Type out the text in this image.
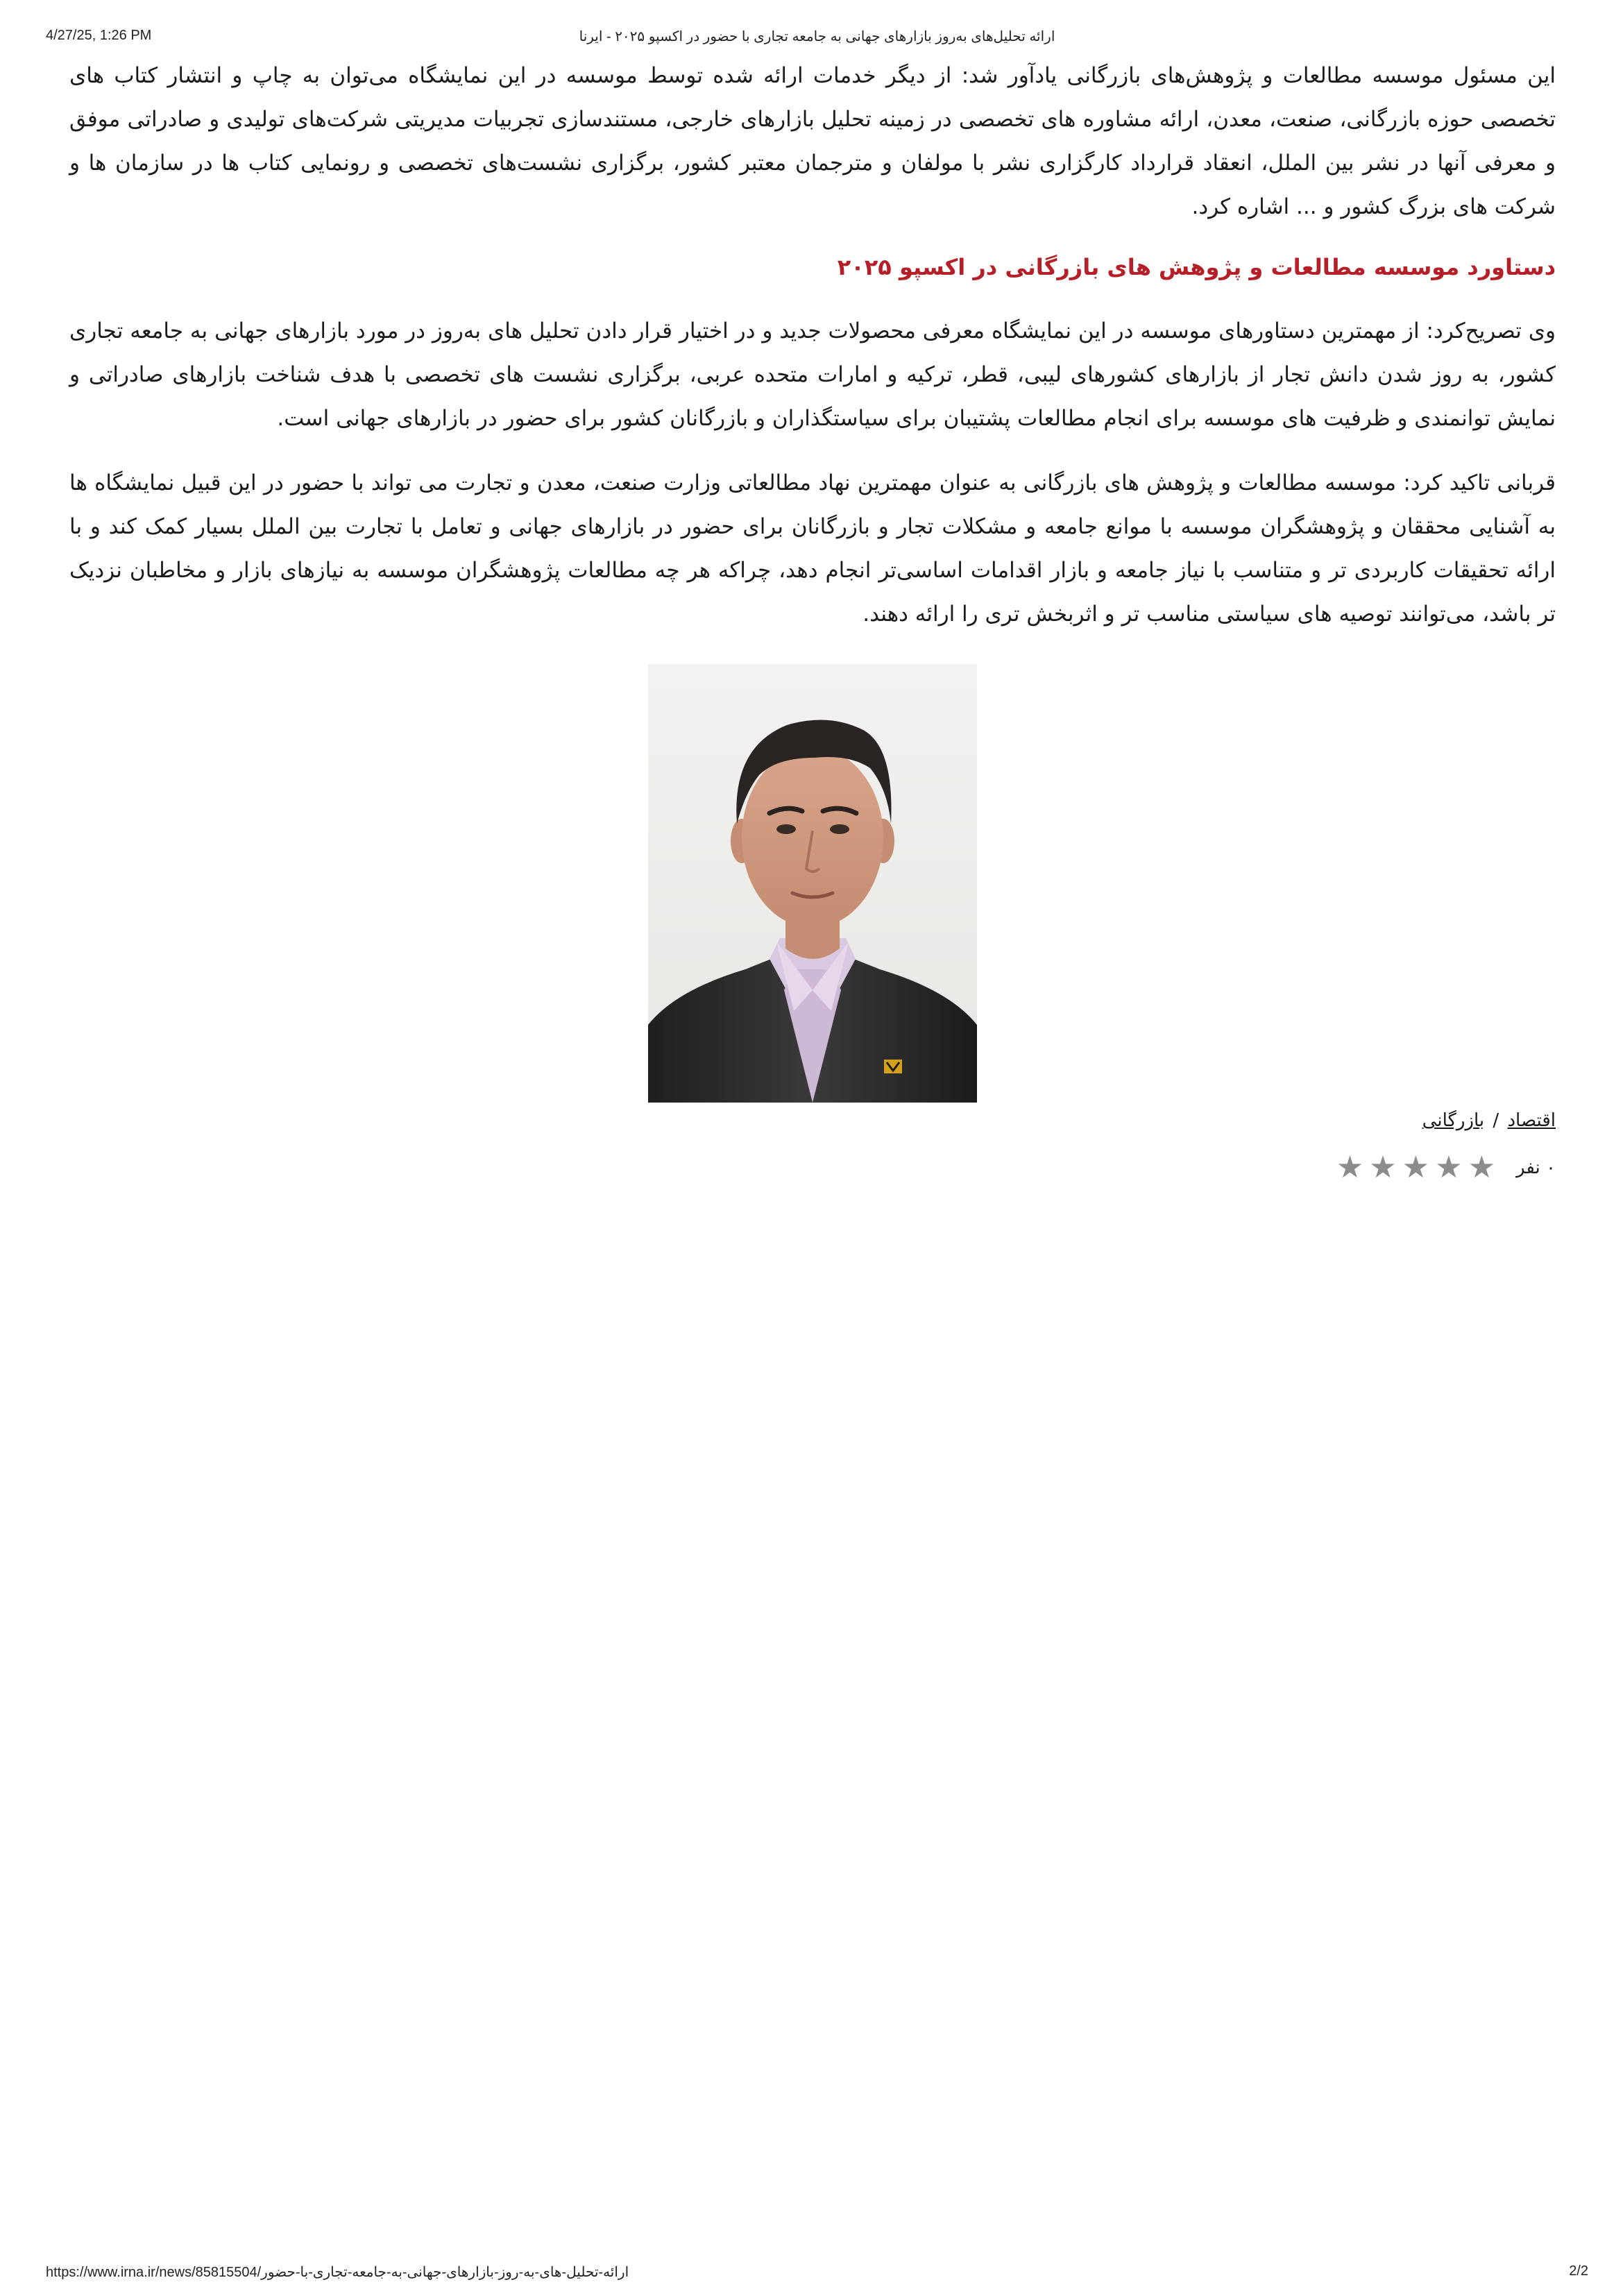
4/27/25, 1:26 PM	ارائه تحلیل‌های به‌روز بازارهای جهانی به جامعه تجاری با حضور در اکسپو ۲۰۲۵ - ایرنا

این مسئول موسسه مطالعات و پژوهش‌های بازرگانی یادآور شد: از دیگر خدمات ارائه شده توسط موسسه در این نمایشگاه می‌توان به چاپ و انتشار کتاب های تخصصی حوزه بازرگانی، صنعت، معدن، ارائه مشاوره های تخصصی در زمینه تحلیل بازارهای خارجی، مستندسازی تجربیات مدیریتی شرکت‌های تولیدی و صادراتی موفق و معرفی آنها در نشر بین الملل، انعقاد قرارداد کارگزاری نشر با مولفان و مترجمان معتبر کشور، برگزاری نشست‌های تخصصی و رونمایی کتاب ها در سازمان ها و شرکت های بزرگ کشور و ... اشاره کرد.

دستاورد موسسه مطالعات و پژوهش های بازرگانی در اکسپو ۲۰۲۵

وی تصریح‌کرد: از مهمترین دستاورهای موسسه در این نمایشگاه معرفی محصولات جدید و در اختیار قرار دادن تحلیل های به‌روز در مورد بازارهای جهانی به جامعه تجاری کشور، به روز شدن دانش تجار از بازارهای کشورهای لیبی، قطر، ترکیه و امارات متحده عربی، برگزاری نشست های تخصصی با هدف شناخت بازارهای صادراتی و نمایش توانمندی و ظرفیت های موسسه برای انجام مطالعات پشتیبان برای سیاستگذاران و بازرگانان کشور برای حضور در بازارهای جهانی است.

قربانی تاکید کرد: موسسه مطالعات و پژوهش های بازرگانی به عنوان مهمترین نهاد مطالعاتی وزارت صنعت، معدن و تجارت می تواند با حضور در این قبیل نمایشگاه ها به آشنایی محققان و پژوهشگران موسسه با موانع جامعه و مشکلات تجار و بازرگانان برای حضور در بازارهای جهانی و تعامل با تجارت بین الملل بسیار کمک کند و با ارائه تحقیقات کاربردی تر و متناسب با نیاز جامعه و بازار اقدامات اساسی‌تر انجام دهد، چراکه هر چه مطالعات پژوهشگران موسسه به نیازهای بازار و مخاطبان نزدیک تر باشد، می‌توانند توصیه های سیاستی مناسب تر و اثربخش تری را ارائه دهند.

اقتصاد / بازرگانی
۰ نفر
★
★
★
★
★
https://www.irna.ir/news/85815504/ارائه-تحلیل-های-به-روز-بازارهای-جهانی-به-جامعه-تجاری-با-حضور	2/2
